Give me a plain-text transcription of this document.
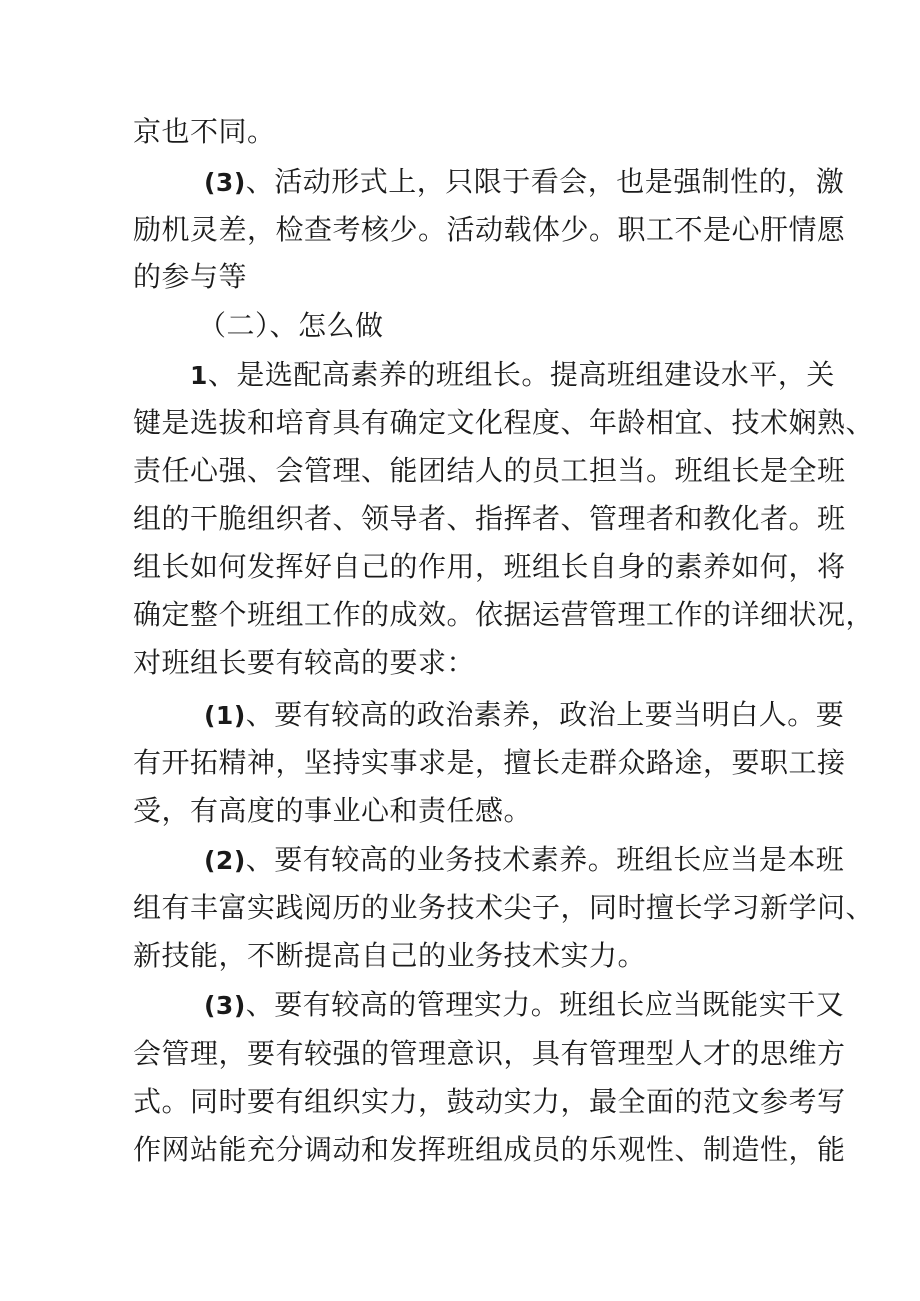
京也不同。
(3)、活动形式上，只限于看会，也是强制性的，激
励机灵差，检查考核少。活动载体少。职工不是心肝情愿
的参与等
（二）、怎么做
1、是选配高素养的班组长。提高班组建设水平，关
键是选拔和培育具有确定文化程度、年龄相宜、技术娴熟、
责任心强、会管理、能团结人的员工担当。班组长是全班
组的干脆组织者、领导者、指挥者、管理者和教化者。班
组长如何发挥好自己的作用，班组长自身的素养如何，将
确定整个班组工作的成效。依据运营管理工作的详细状况，
对班组长要有较高的要求：
(1)、要有较高的政治素养，政治上要当明白人。要
有开拓精神，坚持实事求是，擅长走群众路途，要职工接
受，有高度的事业心和责任感。
(2)、要有较高的业务技术素养。班组长应当是本班
组有丰富实践阅历的业务技术尖子，同时擅长学习新学问、
新技能，不断提高自己的业务技术实力。
(3)、要有较高的管理实力。班组长应当既能实干又
会管理，要有较强的管理意识，具有管理型人才的思维方
式。同时要有组织实力，鼓动实力，最全面的范文参考写
作网站能充分调动和发挥班组成员的乐观性、制造性，能
